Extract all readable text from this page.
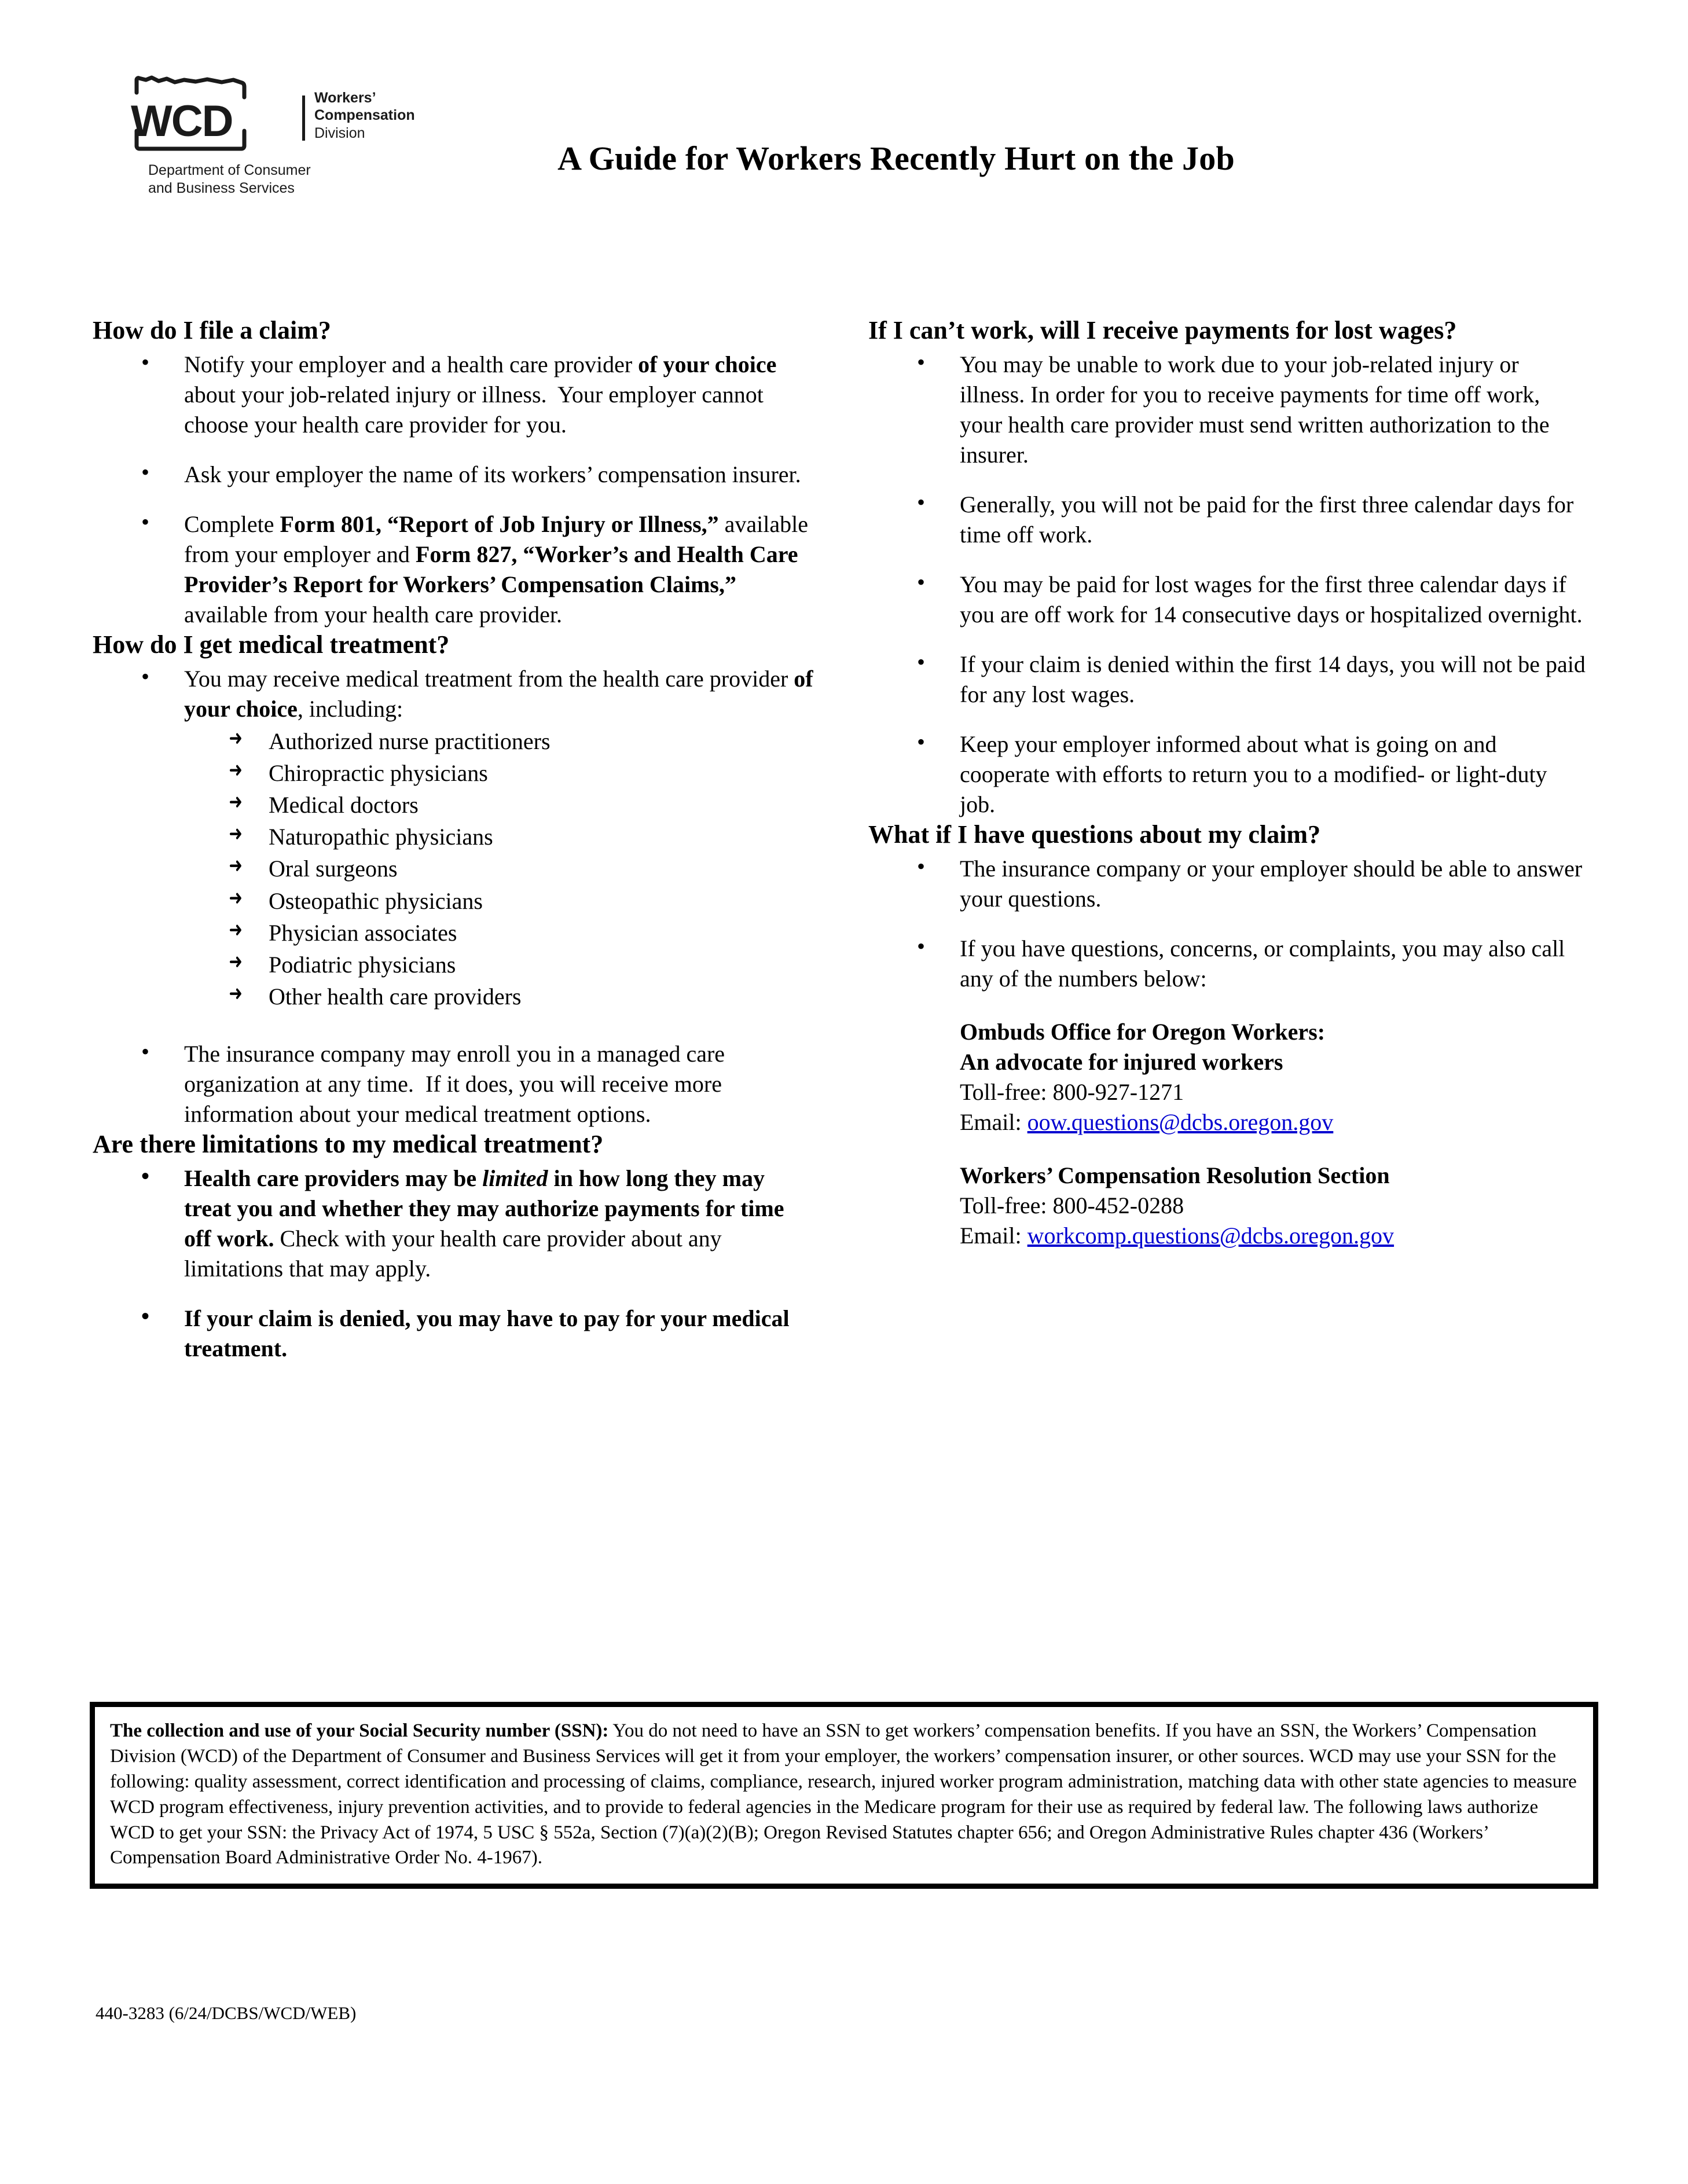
WCD	Workers’
Compensation
Division
Department of Consumer
and Business Services
A Guide for Workers Recently Hurt on the Job
How do I file a claim?
• Notify your employer and a health care provider of your choice about your job-related injury or illness.  Your employer cannot choose your health care provider for you.
• Ask your employer the name of its workers’ compensation insurer.
• Complete Form 801, “Report of Job Injury or Illness,” available from your employer and Form 827, “Worker’s and Health Care Provider’s Report for Workers’ Compensation Claims,” available from your health care provider.
How do I get medical treatment?
• You may receive medical treatment from the health care provider of your choice, including:
➜ Authorized nurse practitioners
➜ Chiropractic physicians
➜ Medical doctors
➜ Naturopathic physicians
➜ Oral surgeons
➜ Osteopathic physicians
➜ Physician associates
➜ Podiatric physicians
➜ Other health care providers
• The insurance company may enroll you in a managed care organization at any time.  If it does, you will receive more information about your medical treatment options.
Are there limitations to my medical treatment?
• Health care providers may be limited in how long they may treat you and whether they may authorize payments for time off work. Check with your health care provider about any limitations that may apply.
• If your claim is denied, you may have to pay for your medical treatment.
If I can’t work, will I receive payments for lost wages?
• You may be unable to work due to your job-related injury or illness. In order for you to receive payments for time off work, your health care provider must send written authorization to the insurer.
• Generally, you will not be paid for the first three calendar days for time off work.
• You may be paid for lost wages for the first three calendar days if you are off work for 14 consecutive days or hospitalized overnight.
• If your claim is denied within the first 14 days, you will not be paid for any lost wages.
• Keep your employer informed about what is going on and cooperate with efforts to return you to a modified- or light-duty job.
What if I have questions about my claim?
• The insurance company or your employer should be able to answer your questions.
• If you have questions, concerns, or complaints, you may also call any of the numbers below:
Ombuds Office for Oregon Workers:
An advocate for injured workers
Toll-free: 800-927-1271
Email: oow.questions@dcbs.oregon.gov
Workers’ Compensation Resolution Section
Toll-free: 800-452-0288
Email: workcomp.questions@dcbs.oregon.gov

The collection and use of your Social Security number (SSN): You do not need to have an SSN to get workers’ compensation benefits. If you have an SSN, the Workers’ Compensation Division (WCD) of the Department of Consumer and Business Services will get it from your employer, the workers’ compensation insurer, or other sources. WCD may use your SSN for the following: quality assessment, correct identification and processing of claims, compliance, research, injured worker program administration, matching data with other state agencies to measure WCD program effectiveness, injury prevention activities, and to provide to federal agencies in the Medicare program for their use as required by federal law. The following laws authorize WCD to get your SSN: the Privacy Act of 1974, 5 USC § 552a, Section (7)(a)(2)(B); Oregon Revised Statutes chapter 656; and Oregon Administrative Rules chapter 436 (Workers’ Compensation Board Administrative Order No. 4-1967).

440-3283 (6/24/DCBS/WCD/WEB)
